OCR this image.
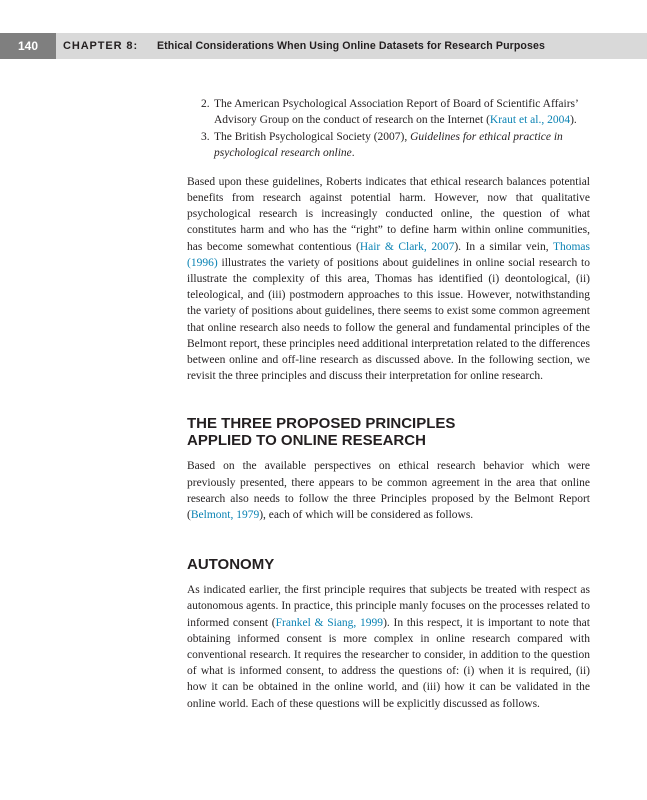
140	CHAPTER 8: Ethical Considerations When Using Online Datasets for Research Purposes
2. The American Psychological Association Report of Board of Scientific Affairs’ Advisory Group on the conduct of research on the Internet (Kraut et al., 2004).
3. The British Psychological Society (2007), Guidelines for ethical practice in psychological research online.

Based upon these guidelines, Roberts indicates that ethical research balances potential benefits from research against potential harm. However, now that qualitative psychological research is increasingly conducted online, the question of what constitutes harm and who has the “right” to define harm within online communities, has become somewhat contentious (Hair & Clark, 2007). In a similar vein, Thomas (1996) illustrates the variety of positions about guidelines in online social research to illustrate the complexity of this area, Thomas has identified (i) deontological, (ii) teleological, and (iii) postmodern approaches to this issue. However, notwithstanding the variety of positions about guidelines, there seems to exist some common agreement that online research also needs to follow the general and fundamental principles of the Belmont report, these principles need additional interpretation related to the differences between online and off-line research as discussed above. In the following section, we revisit the three principles and discuss their interpretation for online research.

THE THREE PROPOSED PRINCIPLES
APPLIED TO ONLINE RESEARCH

Based on the available perspectives on ethical research behavior which were previously presented, there appears to be common agreement in the area that online research also needs to follow the three Principles proposed by the Belmont Report (Belmont, 1979), each of which will be considered as follows.

AUTONOMY

As indicated earlier, the first principle requires that subjects be treated with respect as autonomous agents. In practice, this principle manly focuses on the processes related to informed consent (Frankel & Siang, 1999). In this respect, it is important to note that obtaining informed consent is more complex in online research compared with conventional research. It requires the researcher to consider, in addition to the question of what is informed consent, to address the questions of: (i) when it is required, (ii) how it can be obtained in the online world, and (iii) how it can be validated in the online world. Each of these questions will be explicitly discussed as follows.
